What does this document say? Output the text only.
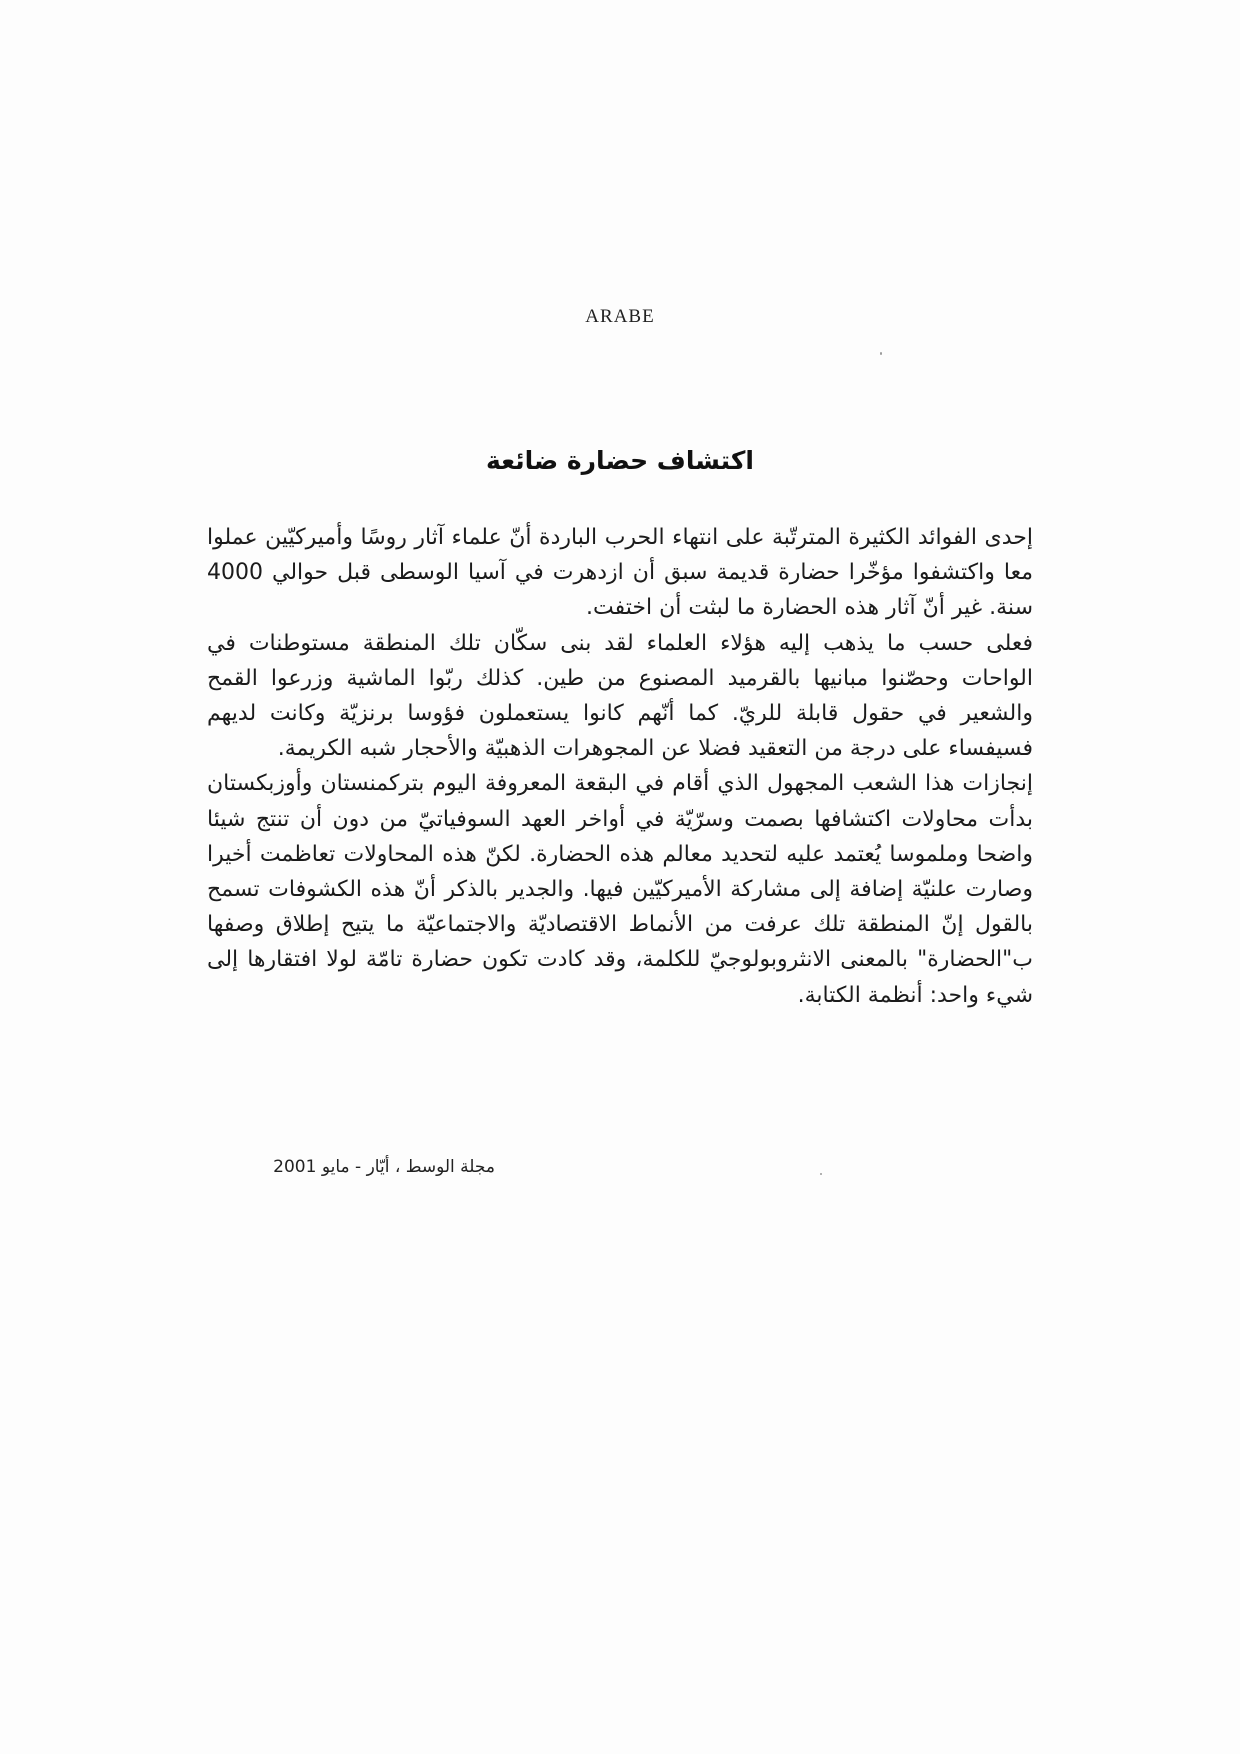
ARABE
اكتشاف حضارة ضائعة

إحدى الفوائد الكثيرة المترتّبة على انتهاء الحرب الباردة أنّ علماء آثار روسًا وأميركيّين عملوا معا واكتشفوا مؤخّرا حضارة قديمة سبق أن ازدهرت في آسيا الوسطى قبل حوالي 4000 سنة. غير أنّ آثار هذه الحضارة ما لبثت أن اختفت.

فعلى حسب ما يذهب إليه هؤلاء العلماء لقد بنى سكّان تلك المنطقة مستوطنات في الواحات وحصّنوا مبانيها بالقرميد المصنوع من طين. كذلك ربّوا الماشية وزرعوا القمح والشعير في حقول قابلة للريّ. كما أنّهم كانوا يستعملون فؤوسا برنزيّة وكانت لديهم فسيفساء على درجة من التعقيد فضلا عن المجوهرات الذهبيّة والأحجار شبه الكريمة.

إنجازات هذا الشعب المجهول الذي أقام في البقعة المعروفة اليوم بتركمنستان وأوزبكستان بدأت محاولات اكتشافها بصمت وسرّيّة في أواخر العهد السوفياتيّ من دون أن تنتج شيئا واضحا وملموسا يُعتمد عليه لتحديد معالم هذه الحضارة. لكنّ هذه المحاولات تعاظمت أخيرا وصارت علنيّة إضافة إلى مشاركة الأميركيّين فيها. والجدير بالذكر أنّ هذه الكشوفات تسمح بالقول إنّ المنطقة تلك عرفت من الأنماط الاقتصاديّة والاجتماعيّة ما يتيح إطلاق وصفها ب"الحضارة" بالمعنى الانثروبولوجيّ للكلمة، وقد كادت تكون حضارة تامّة لولا افتقارها إلى شيء واحد: أنظمة الكتابة.

مجلة الوسط ، أيّار - مايو 2001
